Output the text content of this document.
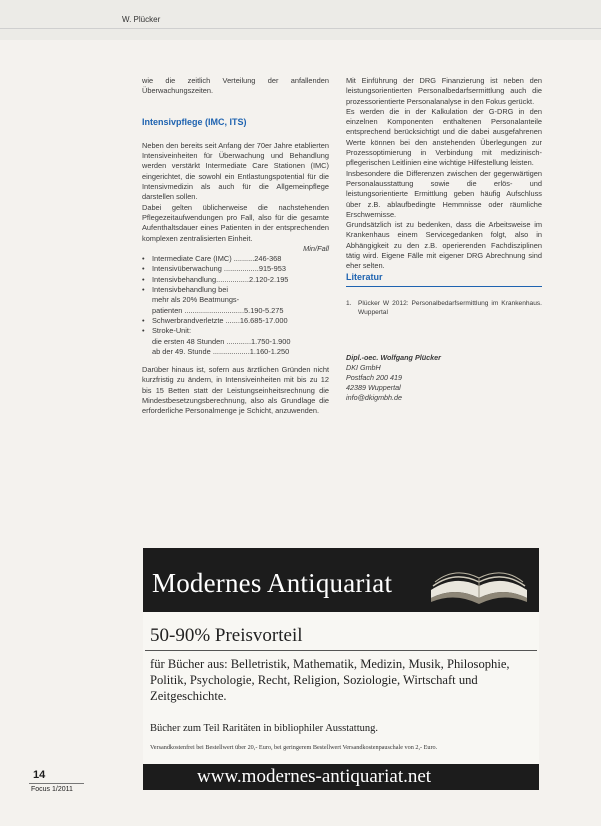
W. Plücker

wie die zeitlich Verteilung der anfallenden Überwachungszeiten.

Intensivpflege (IMC, ITS)

Neben den bereits seit Anfang der 70er Jahre etablierten Intensiveinheiten für Überwachung und Behandlung werden verstärkt Intermediate Care Stationen (IMC) eingerichtet, die sowohl ein Entlastungspotential für die Intensivmedizin als auch für die Allgemeinpflege darstellen sollen.

Dabei gelten üblicherweise die nachstehenden Pflegezeitaufwendungen pro Fall, also für die gesamte Aufenthaltsdauer eines Patienten in der entsprechenden komplexen zentralisierten Einheit.

Min/Fall

• Intermediate Care (IMC) ..........246-368
• Intensivüberwachung .................915-953
• Intensivbehandlung................2.120-2.195
• Intensivbehandlung bei
mehr als 20% Beatmungs-
patienten .............................5.190-5.275
• Schwerbrandverletzte .......16.685-17.000
• Stroke-Unit:
die ersten 48 Stunden ............1.750-1.900
ab der 49. Stunde ..................1.160-1.250

Darüber hinaus ist, sofern aus ärztlichen Gründen nicht kurzfristig zu ändern, in Intensiveinheiten mit bis zu 12 bis 15 Betten statt der Leistungseinheitsrechnung die Mindestbesetzungsberechnung, also als Grundlage die erforderliche Personalmenge je Schicht, anzuwenden.

Mit Einführung der DRG Finanzierung ist neben den leistungsorientierten Personalbedarfsermittlung auch die prozessorientierte Personalanalyse in den Fokus gerückt.

Es werden die in der Kalkulation der G-DRG in den einzelnen Komponenten enthaltenen Personalanteile entsprechend berücksichtigt und die dabei ausgefahrenen Werte können bei den anstehenden Überlegungen zur Prozessoptimierung in Verbindung mit medizinisch-pflegerischen Leitlinien eine wichtige Hilfestellung leisten.

Insbesondere die Differenzen zwischen der gegenwärtigen Personalausstattung sowie die erlös- und leistungsorientierte Ermittlung geben häufig Aufschluss über z.B. ablaufbedingte Hemmnisse oder räumliche Erschwernisse.

Grundsätzlich ist zu bedenken, dass die Arbeitsweise im Krankenhaus einem Servicegedanken folgt, also in Abhängigkeit zu den z.B. operierenden Fachdisziplinen tätig wird. Eigene Fälle mit eigener DRG Abrechnung sind eher selten.

Literatur

1. Plücker W 2012: Personalbedarfsermittlung im Krankenhaus. Wuppertal
Dipl.-oec. Wolfgang Plücker
DKI GmbH
Postfach 200 419
42389 Wuppertal
info@dkigmbh.de
Modernes Antiquariat
50-90% Preisvorteil
für Bücher aus: Belletristik, Mathematik, Medizin, Musik, Philosophie, Politik, Psychologie, Recht, Religion, Soziologie, Wirtschaft und Zeitgeschichte.
Bücher zum Teil Raritäten in bibliophiler Ausstattung.
Versandkostenfrei bei Bestellwert über 20,- Euro, bei geringerem Bestellwert Versandkostenpauschale von 2,- Euro.
www.modernes-antiquariat.net
14
Focus 1/2011
